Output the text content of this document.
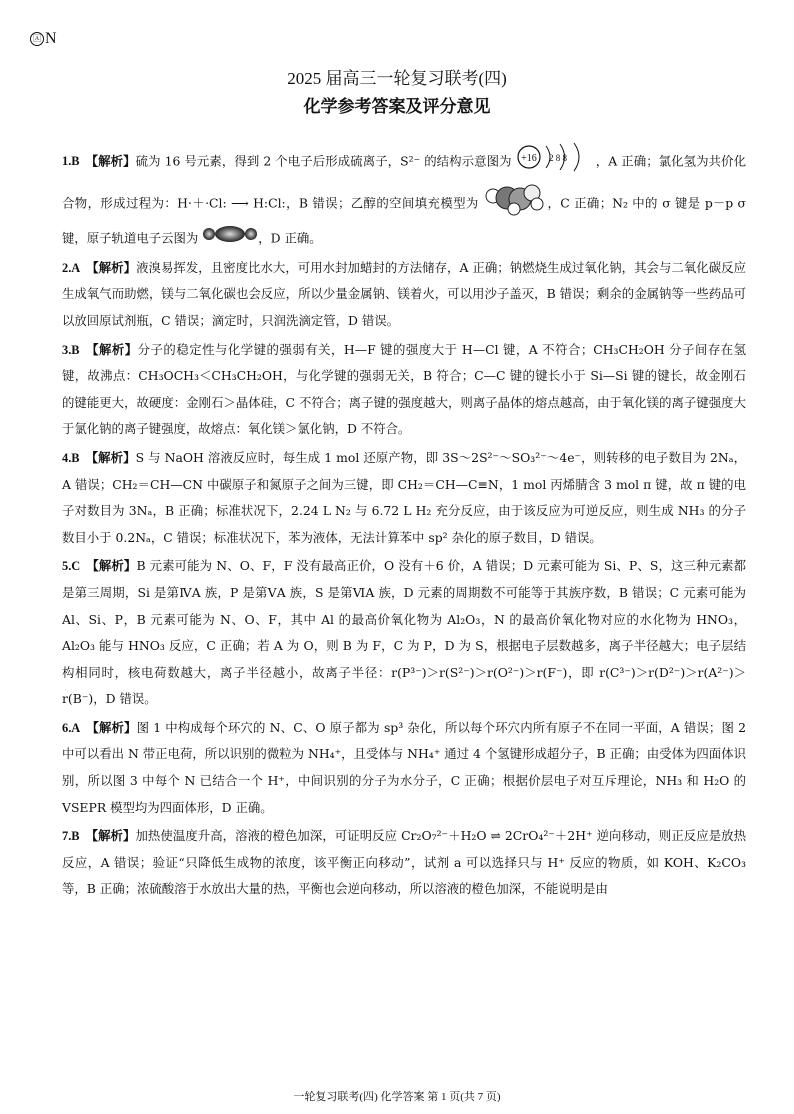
🄰 N
2025 届高三一轮复习联考(四)
化学参考答案及评分意见

1.B 【解析】硫为 16 号元素，得到 2 个电子后形成硫离子，S²⁻ 的结构示意图为 +16 2 8 8 ，A 正确；氯化氢为共价化合物，形成过程为：H·＋·Cl: ⟶ H:Cl:，B 错误；乙醇的空间填充模型为	，C 正确；N₂ 中的 σ 键是 p－p σ 键，原子轨道电子云图为	，D 正确。

2.A 【解析】液溴易挥发，且密度比水大，可用水封加蜡封的方法储存，A 正确；钠燃烧生成过氧化钠，其会与二氧化碳反应生成氧气而助燃，镁与二氧化碳也会反应，所以少量金属钠、镁着火，可以用沙子盖灭，B 错误；剩余的金属钠等一些药品可以放回原试剂瓶，C 错误；滴定时，只润洗滴定管，D 错误。

3.B 【解析】分子的稳定性与化学键的强弱有关，H—F 键的强度大于 H—Cl 键，A 不符合；CH₃CH₂OH 分子间存在氢键，故沸点：CH₃OCH₃＜CH₃CH₂OH，与化学键的强弱无关，B 符合；C—C 键的键长小于 Si—Si 键的键长，故金刚石的键能更大，故硬度：金刚石＞晶体硅，C 不符合；离子键的强度越大，则离子晶体的熔点越高，由于氧化镁的离子键强度大于氯化钠的离子键强度，故熔点：氧化镁＞氯化钠，D 不符合。

4.B 【解析】S 与 NaOH 溶液反应时，每生成 1 mol 还原产物，即 3S～2S²⁻～SO₃²⁻～4e⁻，则转移的电子数目为 2Nₐ，A 错误；CH₂＝CH—CN 中碳原子和氮原子之间为三键，即 CH₂＝CH—C≡N，1 mol 丙烯腈含 3 mol π 键，故 π 键的电子对数目为 3Nₐ，B 正确；标准状况下，2.24 L N₂ 与 6.72 L H₂ 充分反应，由于该反应为可逆反应，则生成 NH₃ 的分子数目小于 0.2Nₐ，C 错误；标准状况下，苯为液体，无法计算苯中 sp² 杂化的原子数目，D 错误。

5.C 【解析】B 元素可能为 N、O、F，F 没有最高正价，O 没有＋6 价，A 错误；D 元素可能为 Si、P、S，这三种元素都是第三周期，Si 是第ⅣA 族，P 是第ⅤA 族，S 是第ⅥA 族，D 元素的周期数不可能等于其族序数，B 错误；C 元素可能为 Al、Si、P，B 元素可能为 N、O、F，其中 Al 的最高价氧化物为 Al₂O₃，N 的最高价氧化物对应的水化物为 HNO₃，Al₂O₃ 能与 HNO₃ 反应，C 正确；若 A 为 O，则 B 为 F，C 为 P，D 为 S，根据电子层数越多，离子半径越大；电子层结构相同时，核电荷数越大，离子半径越小，故离子半径：r(P³⁻)＞r(S²⁻)＞r(O²⁻)＞r(F⁻)，即 r(C³⁻)＞r(D²⁻)＞r(A²⁻)＞r(B⁻)，D 错误。

6.A 【解析】图 1 中构成每个环穴的 N、C、O 原子都为 sp³ 杂化，所以每个环穴内所有原子不在同一平面，A 错误；图 2 中可以看出 N 带正电荷，所以识别的微粒为 NH₄⁺，且受体与 NH₄⁺ 通过 4 个氢键形成超分子，B 正确；由受体为四面体识别，所以图 3 中每个 N 已结合一个 H⁺，中间识别的分子为水分子，C 正确；根据价层电子对互斥理论，NH₃ 和 H₂O 的 VSEPR 模型均为四面体形，D 正确。

7.B 【解析】加热使温度升高，溶液的橙色加深，可证明反应 Cr₂O₇²⁻＋H₂O ⇌ 2CrO₄²⁻＋2H⁺ 逆向移动，则正反应是放热反应，A 错误；验证“只降低生成物的浓度，该平衡正向移动”，试剂 a 可以选择只与 H⁺ 反应的物质，如 KOH、K₂CO₃ 等，B 正确；浓硫酸溶于水放出大量的热，平衡也会逆向移动，所以溶液的橙色加深，不能说明是由

一轮复习联考(四) 化学答案 第 1 页(共 7 页)
